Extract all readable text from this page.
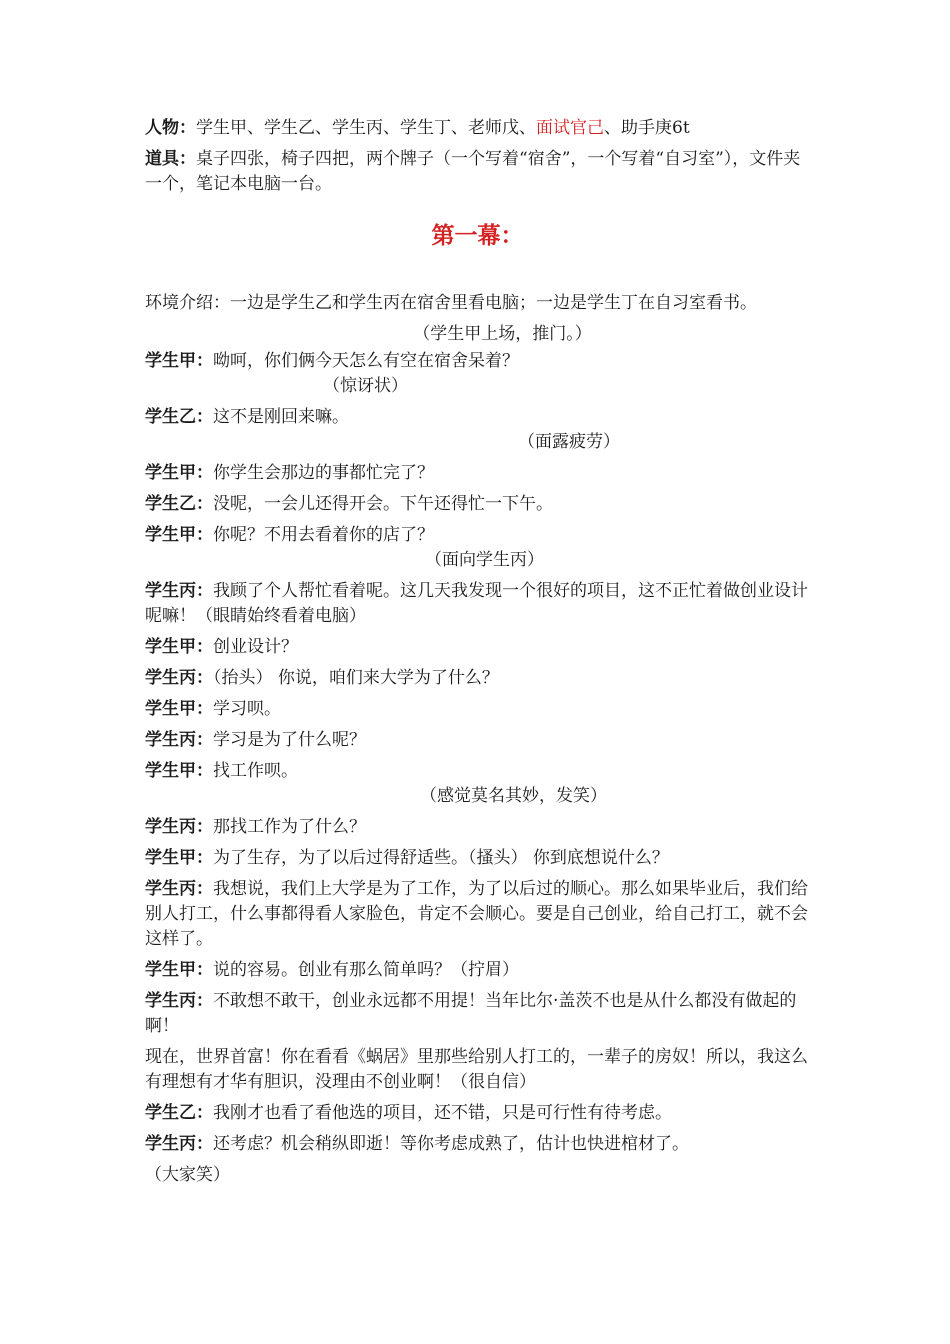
人物：学生甲、学生乙、学生丙、学生丁、老师戊、面试官己、助手庚6t

道具：桌子四张，椅子四把，两个牌子（一个写着“宿舍”，一个写着“自习室”），文件夹一个，笔记本电脑一台。

第一幕：

环境介绍：一边是学生乙和学生丙在宿舍里看电脑；一边是学生丁在自习室看书。

（学生甲上场，推门。）

学生甲：呦呵，你们俩今天怎么有空在宿舍呆着？

（惊讶状）

学生乙：这不是刚回来嘛。

（面露疲劳）

学生甲：你学生会那边的事都忙完了？

学生乙：没呢，一会儿还得开会。下午还得忙一下午。

学生甲：你呢？不用去看着你的店了？

（面向学生丙）

学生丙：我顾了个人帮忙看着呢。这几天我发现一个很好的项目，这不正忙着做创业设计呢嘛！（眼睛始终看着电脑）

学生甲：创业设计？

学生丙：（抬头） 你说，咱们来大学为了什么？

学生甲：学习呗。

学生丙：学习是为了什么呢？

学生甲：找工作呗。

（感觉莫名其妙，发笑）

学生丙：那找工作为了什么？

学生甲：为了生存，为了以后过得舒适些。（搔头） 你到底想说什么？

学生丙：我想说，我们上大学是为了工作，为了以后过的顺心。那么如果毕业后，我们给别人打工，什么事都得看人家脸色，肯定不会顺心。要是自己创业，给自己打工，就不会这样了。

学生甲：说的容易。创业有那么简单吗？（拧眉）

学生丙：不敢想不敢干，创业永远都不用提！当年比尔·盖茨不也是从什么都没有做起的啊！

现在，世界首富！你在看看《蜗居》里那些给别人打工的，一辈子的房奴！所以，我这么有理想有才华有胆识，没理由不创业啊！（很自信）

学生乙：我刚才也看了看他选的项目，还不错，只是可行性有待考虑。

学生丙：还考虑？机会稍纵即逝！等你考虑成熟了，估计也快进棺材了。

（大家笑）
